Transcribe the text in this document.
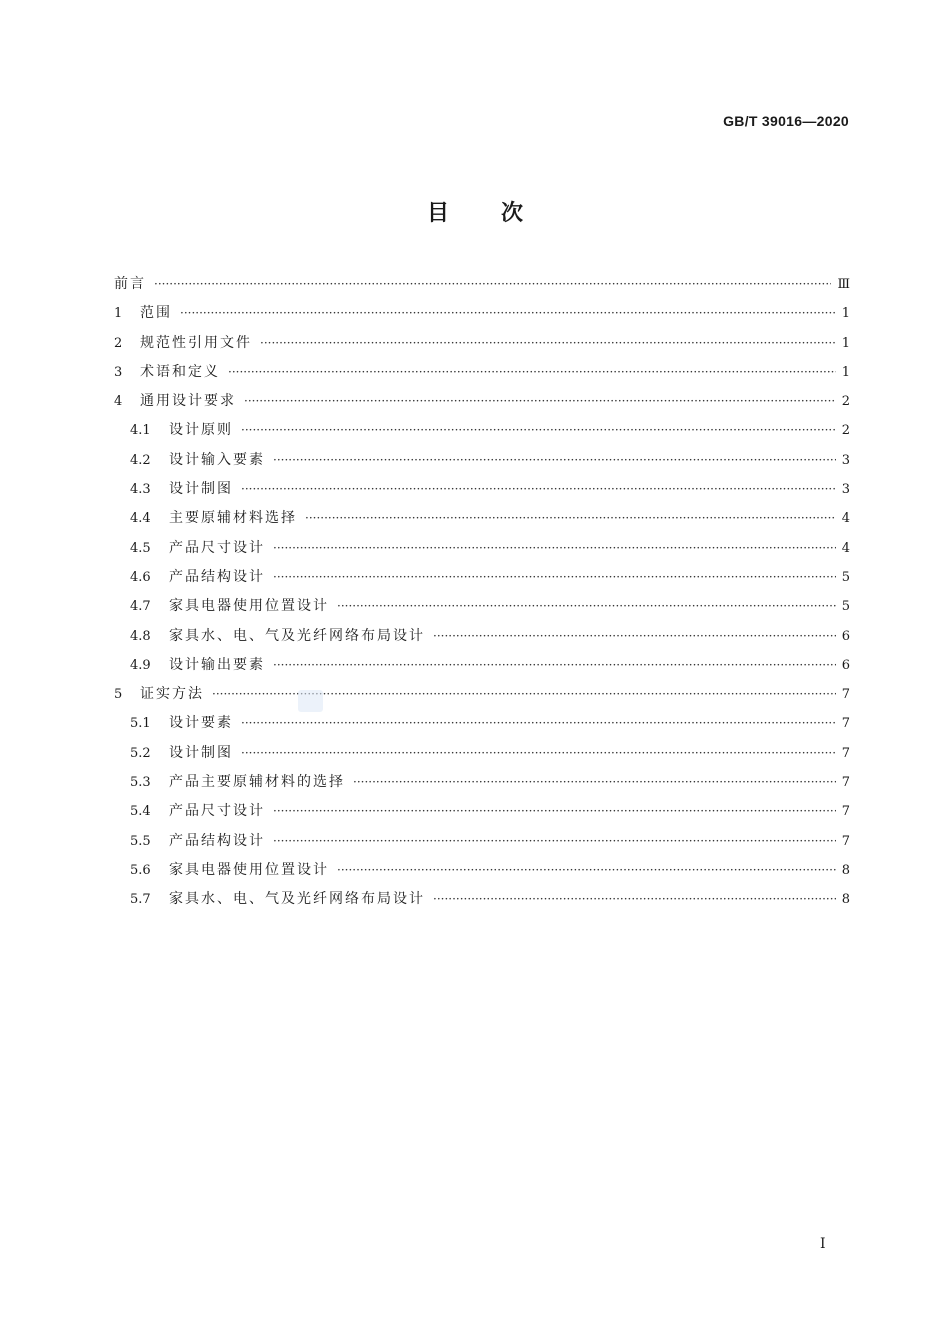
GB/T 39016—2020

目次
前言 ·····	Ⅲ
1	范围 ·····	1
2	规范性引用文件 ·····	1
3	术语和定义 ·····	1
4	通用设计要求 ·····	2
4.1	设计原则 ·····	2
4.2	设计输入要素 ·····	3
4.3	设计制图 ·····	3
4.4	主要原辅材料选择 ·····	4
4.5	产品尺寸设计 ·····	4
4.6	产品结构设计 ·····	5
4.7	家具电器使用位置设计 ·····	5
4.8	家具水、电、气及光纤网络布局设计 ·····	6
4.9	设计输出要素 ·····	6
5	证实方法 ·····	7
5.1	设计要素 ·····	7
5.2	设计制图 ·····	7
5.3	产品主要原辅材料的选择 ·····	7
5.4	产品尺寸设计 ·····	7
5.5	产品结构设计 ·····	7
5.6	家具电器使用位置设计 ·····	8
5.7	家具水、电、气及光纤网络布局设计 ·····	8

I
